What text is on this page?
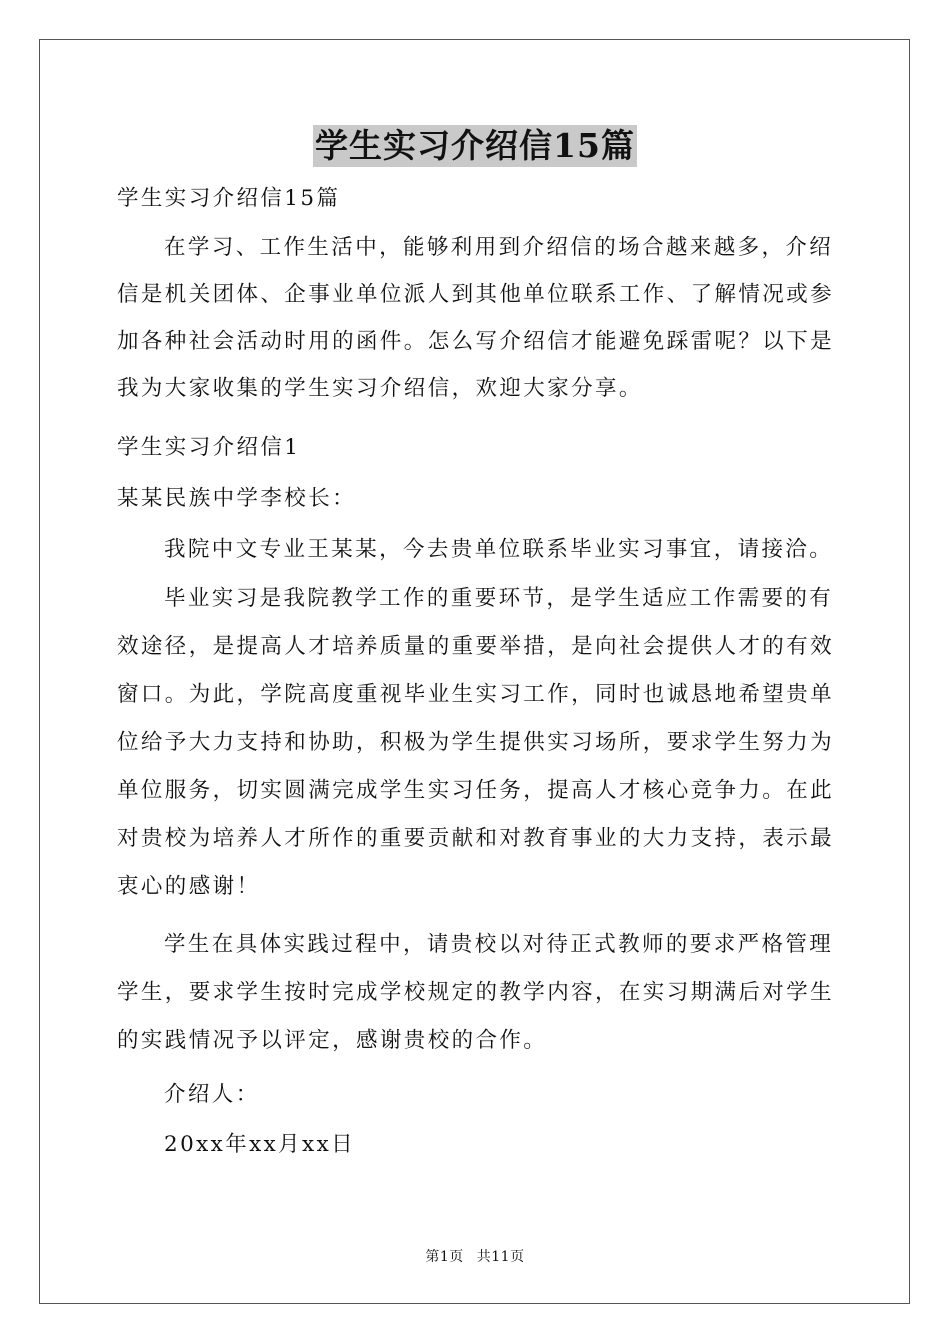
学生实习介绍信15篇
学生实习介绍信15篇
在学习、工作生活中，能够利用到介绍信的场合越来越多，介绍
信是机关团体、企事业单位派人到其他单位联系工作、了解情况或参
加各种社会活动时用的函件。怎么写介绍信才能避免踩雷呢？以下是
我为大家收集的学生实习介绍信，欢迎大家分享。
学生实习介绍信1
某某民族中学李校长：
我院中文专业王某某，今去贵单位联系毕业实习事宜，请接洽。
毕业实习是我院教学工作的重要环节，是学生适应工作需要的有
效途径，是提高人才培养质量的重要举措，是向社会提供人才的有效
窗口。为此，学院高度重视毕业生实习工作，同时也诚恳地希望贵单
位给予大力支持和协助，积极为学生提供实习场所，要求学生努力为
单位服务，切实圆满完成学生实习任务，提高人才核心竞争力。在此
对贵校为培养人才所作的重要贡献和对教育事业的大力支持，表示最
衷心的感谢！
学生在具体实践过程中，请贵校以对待正式教师的要求严格管理
学生，要求学生按时完成学校规定的教学内容，在实习期满后对学生
的实践情况予以评定，感谢贵校的合作。
介绍人：
20xx年xx月xx日
第1页 共11页
